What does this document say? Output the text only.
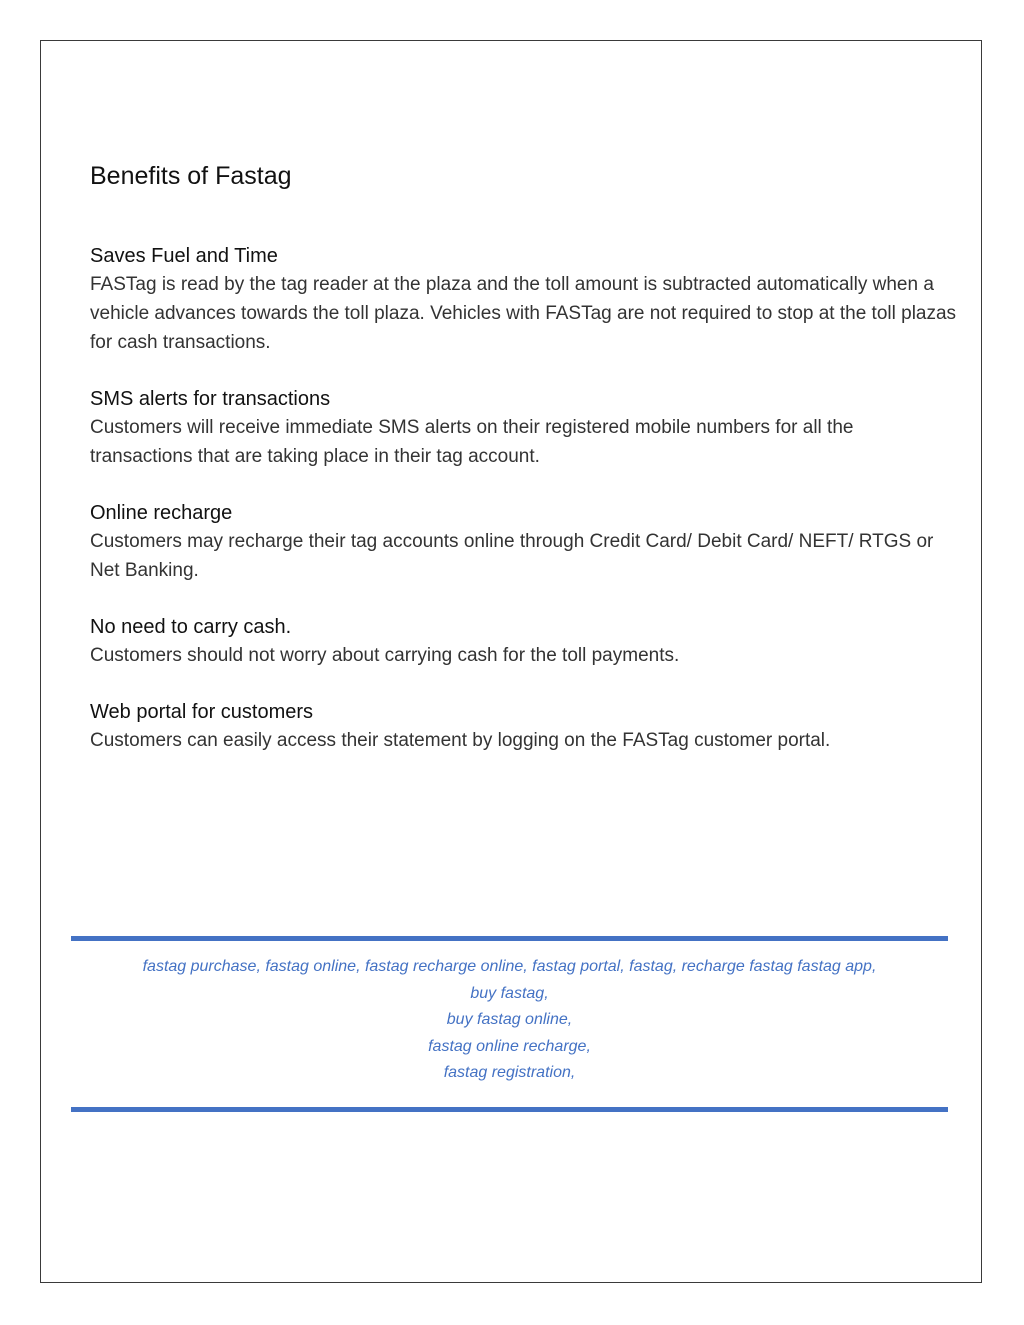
Benefits of Fastag

Saves Fuel and Time

FASTag is read by the tag reader at the plaza and the toll amount is subtracted automatically when a vehicle advances towards the toll plaza. Vehicles with FASTag are not required to stop at the toll plazas for cash transactions.

SMS alerts for transactions

Customers will receive immediate SMS alerts on their registered mobile numbers for all the transactions that are taking place in their tag account.

Online recharge

Customers may recharge their tag accounts online through Credit Card/ Debit Card/ NEFT/ RTGS or Net Banking.

No need to carry cash.

Customers should not worry about carrying cash for the toll payments.

Web portal for customers

Customers can easily access their statement by logging on the FASTag customer portal.

fastag purchase, fastag online, fastag recharge online, fastag portal, fastag, recharge fastag fastag app,
buy fastag,
buy fastag online,
fastag online recharge,
fastag registration,
